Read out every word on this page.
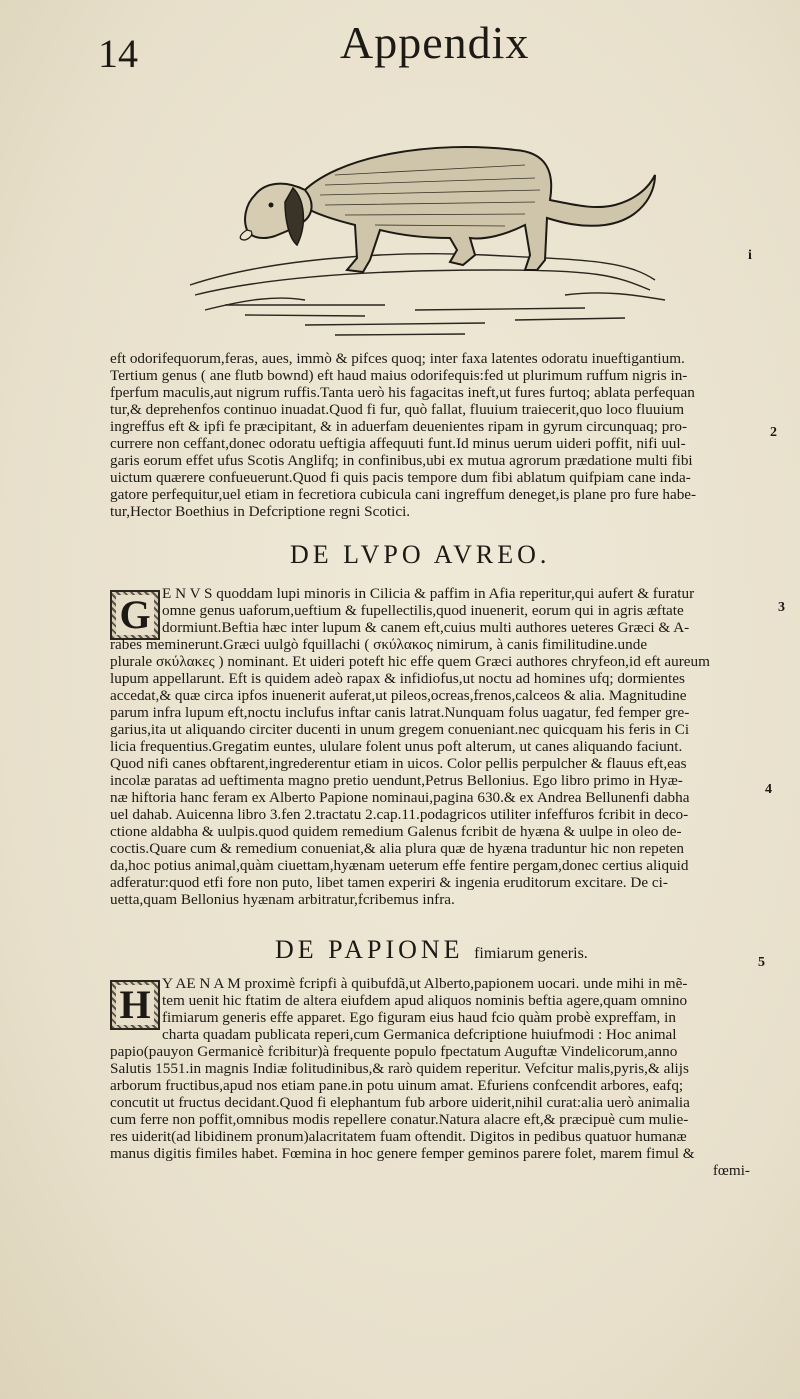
14	Appendix
i
2
3
4
5
eft odorifequorum,feras, aues, immò & pifces quoq; inter faxa latentes odoratu inueftigantium.
Tertium genus ( ane flutb bownd) eft haud maius odorifequis:fed ut plurimum ruffum nigris in-
fperfum maculis,aut nigrum ruffis.Tanta uerò his fagacitas ineft,ut fures furtoq; ablata perfequan
tur,& deprehenfos continuo inuadat.Quod fi fur, quò fallat, fluuium traiecerit,quo loco fluuium
ingreffus eft & ipfi fe præcipitant, & in aduerfam deuenientes ripam in gyrum circunquaq; pro-
currere non ceffant,donec odoratu ueftigia affequuti funt.Id minus uerum uideri poffit, nifi uul-
garis eorum effet ufus Scotis Anglifq; in confinibus,ubi ex mutua agrorum prædatione multi fibi
uictum quærere confueuerunt.Quod fi quis pacis tempore dum fibi ablatum quifpiam cane inda-
gatore perfequitur,uel etiam in fecretiora cubicula cani ingreffum deneget,is plane pro fure habe-
tur,Hector Boethius in Defcriptione regni Scotici.
DE LVPO AVREO.
G E N V S quoddam lupi minoris in Cilicia & paffim in Afia reperitur,qui aufert & furatur
omne genus uaforum,ueftium & fupellectilis,quod inuenerit, eorum qui in agris æftate
dormiunt.Beftia hæc inter lupum & canem eft,cuius multi authores ueteres Græci & A-
rabes meminerunt.Græci uulgò fquillachi ( σκύλακος nimirum, à canis fimilitudine.unde
plurale σκύλακες ) nominant. Et uideri poteft hic effe quem Græci authores chryfeon,id eft aureum
lupum appellarunt. Eft is quidem adeò rapax & infidiofus,ut noctu ad homines ufq; dormientes
accedat,& quæ circa ipfos inuenerit auferat,ut pileos,ocreas,frenos,calceos & alia. Magnitudine
parum infra lupum eft,noctu inclufus inftar canis latrat.Nunquam folus uagatur, fed femper gre-
garius,ita ut aliquando circiter ducenti in unum gregem conueniant.nec quicquam his feris in Ci
licia frequentius.Gregatim euntes, ululare folent unus poft alterum, ut canes aliquando faciunt.
Quod nifi canes obftarent,ingrederentur etiam in uicos. Color pellis perpulcher & flauus eft,eas
incolæ paratas ad ueftimenta magno pretio uendunt,Petrus Bellonius. Ego libro primo in Hyæ-
næ hiftoria hanc feram ex Alberto Papione nominaui,pagina 630.& ex Andrea Bellunenfi dabha
uel dahab. Auicenna libro 3.fen 2.tractatu 2.cap.11.podagricos utiliter infeffuros fcribit in deco-
ctione aldabha & uulpis.quod quidem remedium Galenus fcribit de hyæna & uulpe in oleo de-
coctis.Quare cum & remedium conueniat,& alia plura quæ de hyæna traduntur hic non repeten
da,hoc potius animal,quàm ciuettam,hyænam ueterum effe fentire pergam,donec certius aliquid
adferatur:quod etfi fore non puto, libet tamen experiri & ingenia eruditorum excitare. De ci-
uetta,quam Bellonius hyænam arbitratur,fcribemus infra.
DE PAPIONE fimiarum generis.
H Y AE N A M proximè fcripfi à quibufdã,ut Alberto,papionem uocari. unde mihi in mẽ-
tem uenit hic ftatim de altera eiufdem apud aliquos nominis beftia agere,quam omnino
fimiarum generis effe apparet. Ego figuram eius haud fcio quàm probè expreffam, in
charta quadam publicata reperi,cum Germanica defcriptione huiufmodi : Hoc animal
papio(pauyon Germanicè fcribitur)à frequente populo fpectatum Auguftæ Vindelicorum,anno
Salutis 1551.in magnis Indiæ folitudinibus,& rarò quidem reperitur. Vefcitur malis,pyris,& alijs
arborum fructibus,apud nos etiam pane.in potu uinum amat. Efuriens confcendit arbores, eafq;
concutit ut fructus decidant.Quod fi elephantum fub arbore uiderit,nihil curat:alia uerò animalia
cum ferre non poffit,omnibus modis repellere conatur.Natura alacre eft,& præcipuè cum mulie-
res uiderit(ad libidinem pronum)alacritatem fuam oftendit. Digitos in pedibus quatuor humanæ
manus digitis fimiles habet. Fœmina in hoc genere femper geminos parere folet, marem fimul &
fœmi-
